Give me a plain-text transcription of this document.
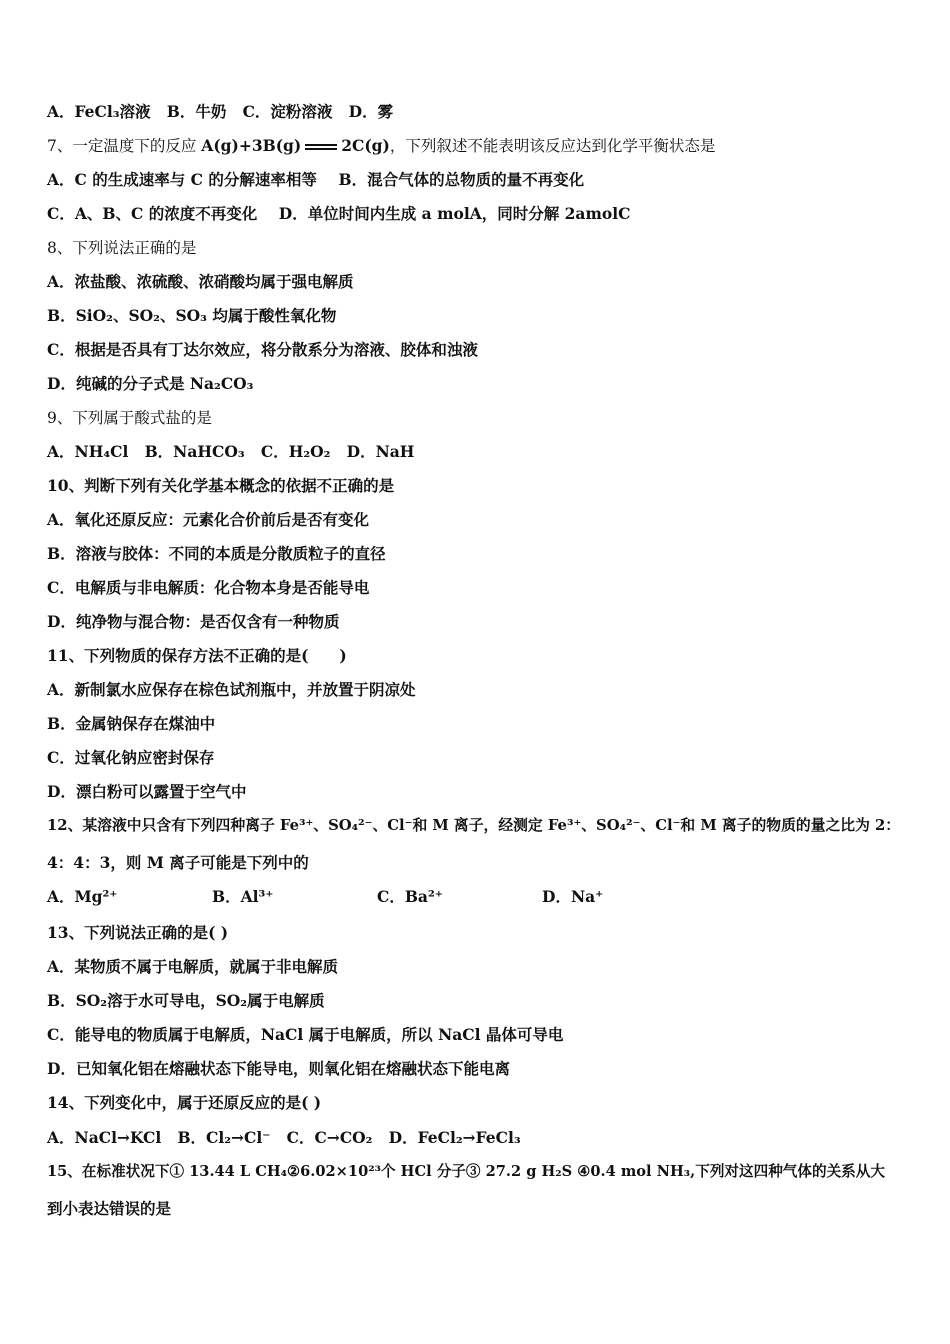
A．FeCl₃溶液 B．牛奶 C．淀粉溶液 D．雾
7、一定温度下的反应 A(g)+3B(g)	2C(g)，下列叙述不能表明该反应达到化学平衡状态是
A．C 的生成速率与 C 的分解速率相等 B．混合气体的总物质的量不再变化
C．A、B、C 的浓度不再变化 D．单位时间内生成 a molA，同时分解 2amolC
8、下列说法正确的是
A．浓盐酸、浓硫酸、浓硝酸均属于强电解质
B．SiO₂、SO₂、SO₃ 均属于酸性氧化物
C．根据是否具有丁达尔效应，将分散系分为溶液、胶体和浊液
D．纯碱的分子式是 Na₂CO₃
9、下列属于酸式盐的是
A．NH₄Cl B．NaHCO₃ C．H₂O₂ D．NaH
10、判断下列有关化学基本概念的依据不正确的是
A．氧化还原反应：元素化合价前后是否有变化
B．溶液与胶体：不同的本质是分散质粒子的直径
C．电解质与非电解质：化合物本身是否能导电
D．纯净物与混合物：是否仅含有一种物质
11、下列物质的保存方法不正确的是(　　)
A．新制氯水应保存在棕色试剂瓶中，并放置于阴凉处
B．金属钠保存在煤油中
C．过氧化钠应密封保存
D．漂白粉可以露置于空气中
12、某溶液中只含有下列四种离子 Fe³⁺、SO₄²⁻、Cl⁻和 M 离子，经测定 Fe³⁺、SO₄²⁻、Cl⁻和 M 离子的物质的量之比为 2：
4：4：3，则 M 离子可能是下列中的
A．Mg²⁺	B．Al³⁺	C．Ba²⁺	D．Na⁺
13、下列说法正确的是( )
A．某物质不属于电解质，就属于非电解质
B．SO₂溶于水可导电，SO₂属于电解质
C．能导电的物质属于电解质，NaCl 属于电解质，所以 NaCl 晶体可导电
D．已知氧化铝在熔融状态下能导电，则氧化铝在熔融状态下能电离
14、下列变化中，属于还原反应的是( )
A．NaCl→KCl B．Cl₂→Cl⁻ C．C→CO₂ D．FeCl₂→FeCl₃
15、在标准状况下① 13.44 L CH₄②6.02×10²³个 HCl 分子③ 27.2 g H₂S ④0.4 mol NH₃,下列对这四种气体的关系从大
到小表达错误的是
